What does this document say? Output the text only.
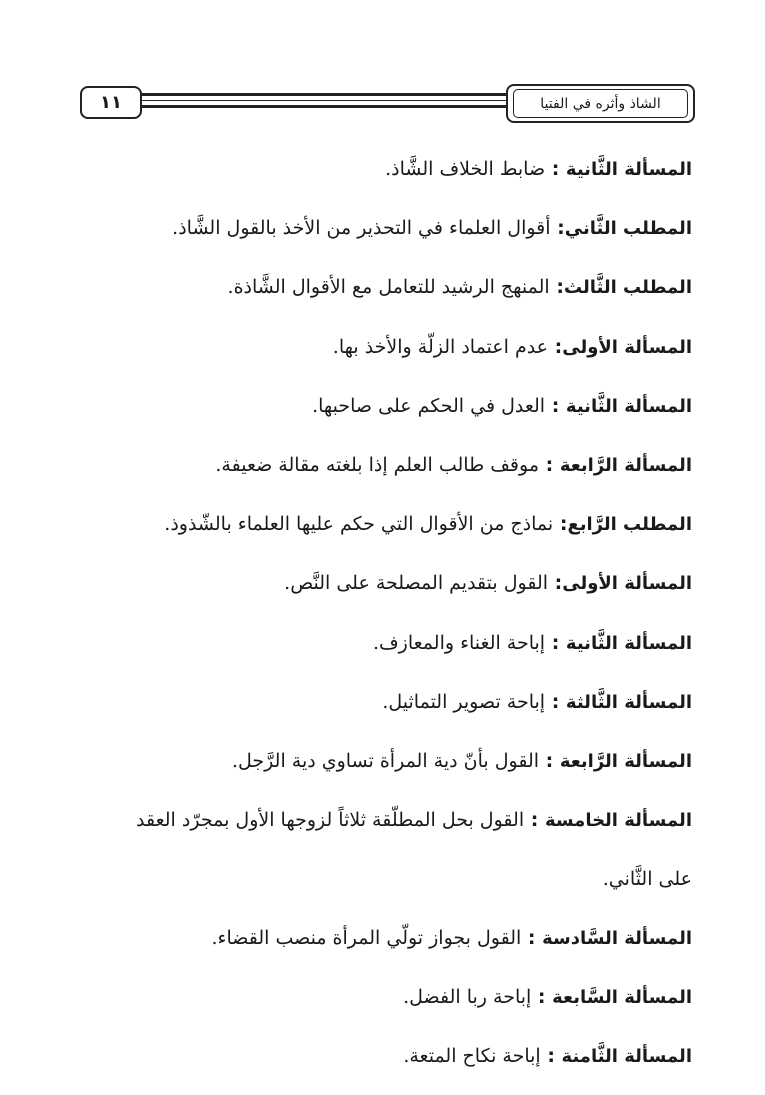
١١	الشاذ وأثره في الفتيا
المسألة الثَّانية : ضابط الخلاف الشَّاذ.
المطلب الثَّاني: أقوال العلماء في التحذير من الأخذ بالقول الشَّاذ.
المطلب الثَّالث: المنهج الرشيد للتعامل مع الأقوال الشَّاذة.
المسألة الأولى: عدم اعتماد الزلّة والأخذ بها.
المسألة الثَّانية : العدل في الحكم على صاحبها.
المسألة الرَّابعة : موقف طالب العلم إذا بلغته مقالة ضعيفة.
المطلب الرَّابع: نماذج من الأقوال التي حكم عليها العلماء بالشّذوذ.
المسألة الأولى: القول بتقديم المصلحة على النَّص.
المسألة الثَّانية : إباحة الغناء والمعازف.
المسألة الثَّالثة : إباحة تصوير التماثيل.
المسألة الرَّابعة : القول بأنّ دية المرأة تساوي دية الرَّجل.
المسألة الخامسة : القول بحل المطلّقة ثلاثاً لزوجها الأول بمجرّد العقد
على الثَّاني.
المسألة السَّادسة : القول بجواز تولّي المرأة منصب القضاء.
المسألة السَّابعة : إباحة ربا الفضل.
المسألة الثَّامنة : إباحة نكاح المتعة.
